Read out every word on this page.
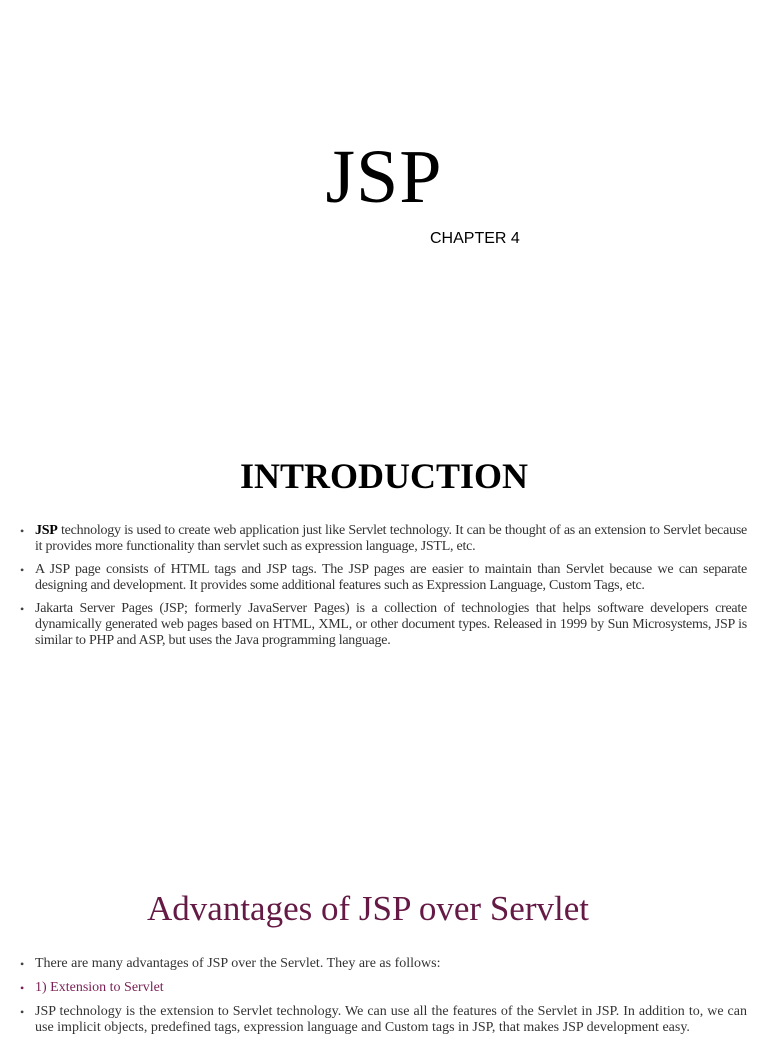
JSP
CHAPTER 4
INTRODUCTION
• JSP technology is used to create web application just like Servlet technology. It can be thought of as an extension to Servlet because it provides more functionality than servlet such as expression language, JSTL, etc.
• A JSP page consists of HTML tags and JSP tags. The JSP pages are easier to maintain than Servlet because we can separate designing and development. It provides some additional features such as Expression Language, Custom Tags, etc.
• Jakarta Server Pages (JSP; formerly JavaServer Pages) is a collection of technologies that helps software developers create dynamically generated web pages based on HTML, XML, or other document types. Released in 1999 by Sun Microsystems, JSP is similar to PHP and ASP, but uses the Java programming language.
Advantages of JSP over Servlet
• There are many advantages of JSP over the Servlet. They are as follows:
• 1) Extension to Servlet
• JSP technology is the extension to Servlet technology. We can use all the features of the Servlet in JSP. In addition to, we can use implicit objects, predefined tags, expression language and Custom tags in JSP, that makes JSP development easy.
